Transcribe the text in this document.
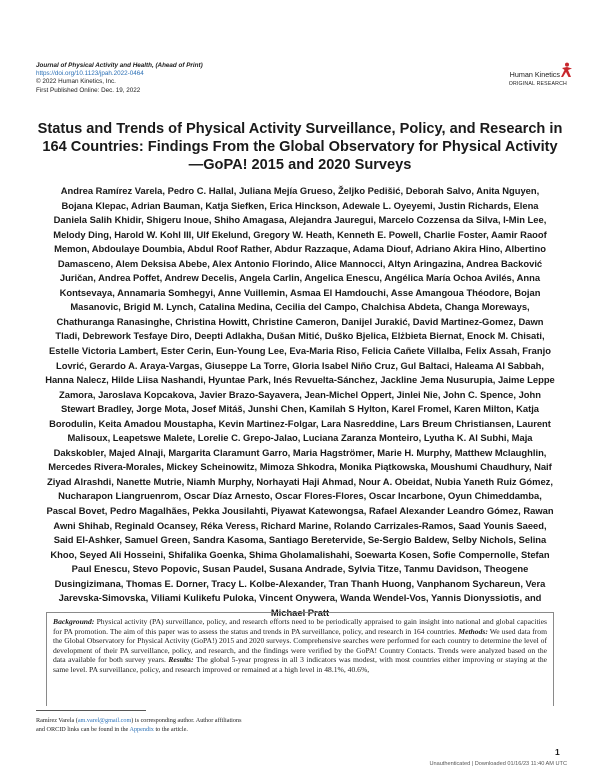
Journal of Physical Activity and Health, (Ahead of Print)
https://doi.org/10.1123/jpah.2022-0464
© 2022 Human Kinetics, Inc.
First Published Online: Dec. 19, 2022
Human Kinetics
ORIGINAL RESEARCH
Status and Trends of Physical Activity Surveillance, Policy, and Research in 164 Countries: Findings From the Global Observatory for Physical Activity—GoPA! 2015 and 2020 Surveys
Andrea Ramírez Varela, Pedro C. Hallal, Juliana Mejía Grueso, Željko Pedišić, Deborah Salvo, Anita Nguyen, Bojana Klepac, Adrian Bauman, Katja Siefken, Erica Hinckson, Adewale L. Oyeyemi, Justin Richards, Elena Daniela Salih Khidir, Shigeru Inoue, Shiho Amagasa, Alejandra Jauregui, Marcelo Cozzensa da Silva, I-Min Lee, Melody Ding, Harold W. Kohl III, Ulf Ekelund, Gregory W. Heath, Kenneth E. Powell, Charlie Foster, Aamir Raoof Memon, Abdoulaye Doumbia, Abdul Roof Rather, Abdur Razzaque, Adama Diouf, Adriano Akira Hino, Albertino Damasceno, Alem Deksisa Abebe, Alex Antonio Florindo, Alice Mannocci, Altyn Aringazina, Andrea Backović Juričan, Andrea Poffet, Andrew Decelis, Angela Carlin, Angelica Enescu, Angélica María Ochoa Avilés, Anna Kontsevaya, Annamaria Somhegyi, Anne Vuillemin, Asmaa El Hamdouchi, Asse Amangoua Théodore, Bojan Masanovic, Brigid M. Lynch, Catalina Medina, Cecilia del Campo, Chalchisa Abdeta, Changa Moreways, Chathuranga Ranasinghe, Christina Howitt, Christine Cameron, Danijel Jurakić, David Martinez-Gomez, Dawn Tladi, Debrework Tesfaye Diro, Deepti Adlakha, Dušan Mitić, Duško Bjelica, Elżbieta Biernat, Enock M. Chisati, Estelle Victoria Lambert, Ester Cerin, Eun-Young Lee, Eva-Maria Riso, Felicia Cañete Villalba, Felix Assah, Franjo Lovrić, Gerardo A. Araya-Vargas, Giuseppe La Torre, Gloria Isabel Niño Cruz, Gul Baltaci, Haleama Al Sabbah, Hanna Nalecz, Hilde Liisa Nashandi, Hyuntae Park, Inés Revuelta-Sánchez, Jackline Jema Nusurupia, Jaime Leppe Zamora, Jaroslava Kopcakova, Javier Brazo-Sayavera, Jean-Michel Oppert, Jinlei Nie, John C. Spence, John Stewart Bradley, Jorge Mota, Josef Mitáš, Junshi Chen, Kamilah S Hylton, Karel Fromel, Karen Milton, Katja Borodulin, Keita Amadou Moustapha, Kevin Martinez-Folgar, Lara Nasreddine, Lars Breum Christiansen, Laurent Malisoux, Leapetswe Malete, Lorelie C. Grepo-Jalao, Luciana Zaranza Monteiro, Lyutha K. Al Subhi, Maja Dakskobler, Majed Alnaji, Margarita Claramunt Garro, Maria Hagströmer, Marie H. Murphy, Matthew Mclaughlin, Mercedes Rivera-Morales, Mickey Scheinowitz, Mimoza Shkodra, Monika Piątkowska, Moushumi Chaudhury, Naif Ziyad Alrashdi, Nanette Mutrie, Niamh Murphy, Norhayati Haji Ahmad, Nour A. Obeidat, Nubia Yaneth Ruiz Gómez, Nucharapon Liangruenrom, Oscar Díaz Arnesto, Oscar Flores-Flores, Oscar Incarbone, Oyun Chimeddamba, Pascal Bovet, Pedro Magalhães, Pekka Jousilahti, Piyawat Katewongsa, Rafael Alexander Leandro Gómez, Rawan Awni Shihab, Reginald Ocansey, Réka Veress, Richard Marine, Rolando Carrizales-Ramos, Saad Younis Saeed, Said El-Ashker, Samuel Green, Sandra Kasoma, Santiago Beretervide, Se-Sergio Baldew, Selby Nichols, Selina Khoo, Seyed Ali Hosseini, Shifalika Goenka, Shima Gholamalishahi, Soewarta Kosen, Sofie Compernolle, Stefan Paul Enescu, Stevo Popovic, Susan Paudel, Susana Andrade, Sylvia Titze, Tanmu Davidson, Theogene Dusingizimana, Thomas E. Dorner, Tracy L. Kolbe-Alexander, Tran Thanh Huong, Vanphanom Sychareun, Vera Jarevska-Simovska, Viliami Kulikefu Puloka, Vincent Onywera, Wanda Wendel-Vos, Yannis Dionyssiotis, and Michael Pratt
Background: Physical activity (PA) surveillance, policy, and research efforts need to be periodically appraised to gain insight into national and global capacities for PA promotion. The aim of this paper was to assess the status and trends in PA surveillance, policy, and research in 164 countries. Methods: We used data from the Global Observatory for Physical Activity (GoPA!) 2015 and 2020 surveys. Comprehensive searches were performed for each country to determine the level of development of their PA surveillance, policy, and research, and the findings were verified by the GoPA! Country Contacts. Trends were analyzed based on the data available for both survey years. Results: The global 5-year progress in all 3 indicators was modest, with most countries either improving or staying at the same level. PA surveillance, policy, and research improved or remained at a high level in 48.1%, 40.6%,
Ramírez Varela (am.varel@gmail.com) is corresponding author. Author affiliations
and ORCID links can be found in the Appendix to the article.
1
Unauthenticated | Downloaded 01/16/23 11:40 AM UTC
